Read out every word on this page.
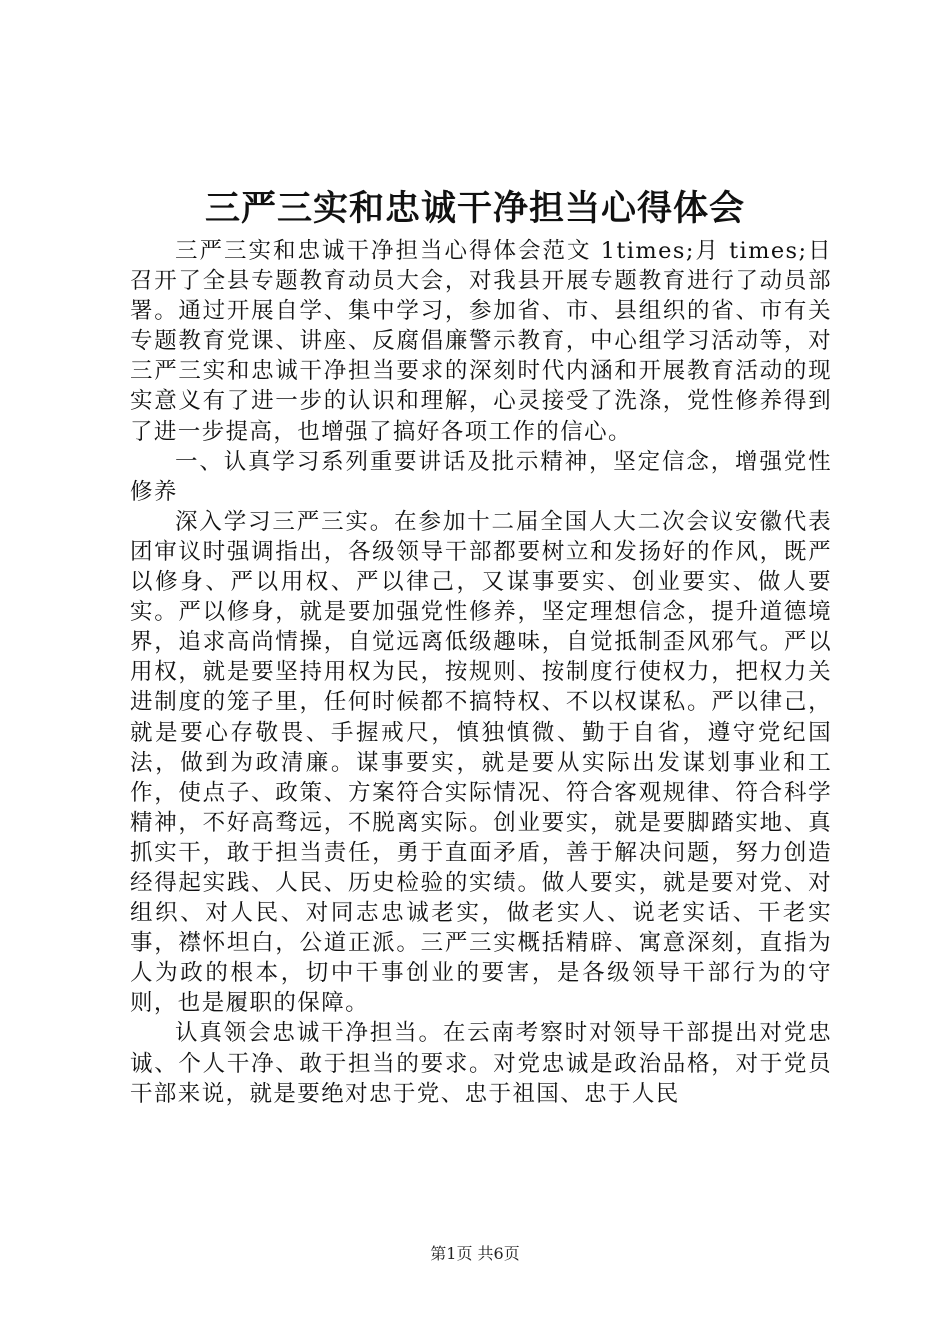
三严三实和忠诚干净担当心得体会

三严三实和忠诚干净担当心得体会范文 1times;月 times;日召开了全县专题教育动员大会，对我县开展专题教育进行了动员部署。通过开展自学、集中学习，参加省、市、县组织的省、市有关专题教育党课、讲座、反腐倡廉警示教育，中心组学习活动等，对三严三实和忠诚干净担当要求的深刻时代内涵和开展教育活动的现实意义有了进一步的认识和理解，心灵接受了洗涤，党性修养得到了进一步提高，也增强了搞好各项工作的信心。

一、认真学习系列重要讲话及批示精神，坚定信念，增强党性修养

深入学习三严三实。在参加十二届全国人大二次会议安徽代表团审议时强调指出，各级领导干部都要树立和发扬好的作风，既严以修身、严以用权、严以律己，又谋事要实、创业要实、做人要实。严以修身，就是要加强党性修养，坚定理想信念，提升道德境界，追求高尚情操，自觉远离低级趣味，自觉抵制歪风邪气。严以用权，就是要坚持用权为民，按规则、按制度行使权力，把权力关进制度的笼子里，任何时候都不搞特权、不以权谋私。严以律己，就是要心存敬畏、手握戒尺，慎独慎微、勤于自省，遵守党纪国法，做到为政清廉。谋事要实，就是要从实际出发谋划事业和工作，使点子、政策、方案符合实际情况、符合客观规律、符合科学精神，不好高骛远，不脱离实际。创业要实，就是要脚踏实地、真抓实干，敢于担当责任，勇于直面矛盾，善于解决问题，努力创造经得起实践、人民、历史检验的实绩。做人要实，就是要对党、对组织、对人民、对同志忠诚老实，做老实人、说老实话、干老实事，襟怀坦白，公道正派。三严三实概括精辟、寓意深刻，直指为人为政的根本，切中干事创业的要害，是各级领导干部行为的守则，也是履职的保障。

认真领会忠诚干净担当。在云南考察时对领导干部提出对党忠诚、个人干净、敢于担当的要求。对党忠诚是政治品格，对于党员干部来说，就是要绝对忠于党、忠于祖国、忠于人民

第1页 共6页
